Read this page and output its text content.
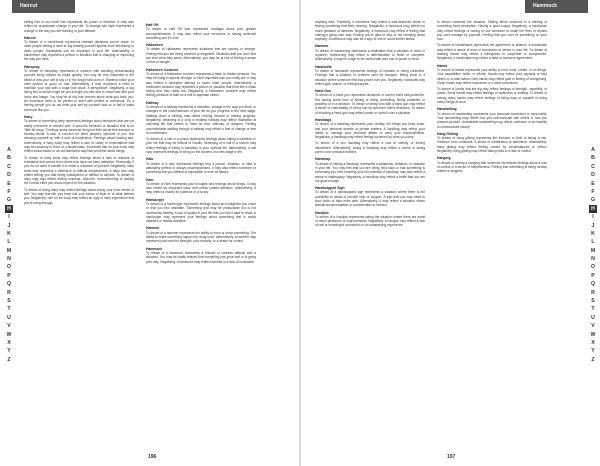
Haircut

selling hair or too much hair represents his power or freedom. It may also reflect an undesirable change in your life. To change hair style represents a change in the way you are thinking or your attitude.

Haircut

To dream of a hairdresser represents hesitant decisions you've made, or other people feeling a need to say making yourself appear more interesting to other people. Hairstylists can be important in your life. Alternatively, a hairdresser may represent a person or situation that is changing or improving the way you think.

Hairspray

To dream of hairspray represents a concern with avoiding embarrassing yourself being noticed as bright quickly. You may be very interested in the detail of how your self is shy or in the tough hard worn in. Hairless notice your valid opinion or good on hair. Alternatively, it may represent a need to maintain your ego with a tough hair issue. A perspective. Negatively, a tug being into to dream might be you thought you see who is concerned with your looks and image. You may be at risk hair worried about what you think you. An excessive need to be perfect or seen with perfect or conscious. It's a feeling people you do not think your self by yourself look so or fail to make someone like you.

Hairy

To dream of something hairy represents feelings about behaviors that are not easily overcome or worked with. A person's behavior or situation that is on "little bit crazy." Feelings about someone living out their whole free freedom or excess denial. A lack of concern for other people's opinions of you. Not cleaning yourself up with a lack of moderation. Feelings about looking bad. Alternatively, a hairy body may reflect a lack of vanity or expectations that may be unsavory to them or a stupid basis. Excessive hair on your body may reflect social issues or an old-fashioned way that you think about things.

To dream of hairy arms may reflect feelings about a lack of restraint or resistance that comes from others that have not been attractive. Personally, if you do not want to handle it or make a nuisance of yourself. Negatively, hairy arms may represent a defensive or difficult temperament. A hairy arm may reflect feeling you that being indisciplined or difficult to tolerate. To dream of hairy legs may reflect feeling unkempt, wild-free, nonconforming or lacking the normal effort you would expect for the situation.

To dream of being hairy may reflect feelings about losing your inner sense of self. You may feel like you have lost your sense of style or of what defines you. Negatively, hair on the body may reflect an ugly or hairy experience that you're living through.

Half Off

To dream of Half Off sale represents nostalgia about your greater accomplishments. It may also reflect your memories of having achieved something and it's over.

Halloween

To dream of Halloween represents situations that are spooky or strange. Feeling that you are being watched or disguised. Situations that you don't find are ever what they seem. Alternatively, you may be at risk of feeling a sense of fear or danger.

Halloween Costume

To dream of a Halloween costume represents a false or hidden persona. You may be trying to appear stronger or more important than you really are. It may also reflect a deceptive attempt to scare other people. Alternatively, a Halloween costume may represent a person or situation that feels like a mask hiding who they really are. Negatively, a Halloween costume may reflect feeling pressure to take on a role to appease others.

Hallway

To dream of a hallway represents a transition, change in the way you think, or changes in the circumstances of your life as you progress to the next stage. Walking down a hallway may reflect moving forward or making progress. Negatively, dreaming of a long or endless hallway may reflect frustration at unending life that seems to have no end, difficulty, or dangers. Feeling uncomfortable walking through a hallway may reflect a fear of change or fear of commitment.

To dream of a hall in a school represents feelings about taking a transition in your life that may be difficult to handle. Dreaming of a hall in a church may reflect feelings of being in transition in your spiritual life. Alternatively, a hall may represent feelings of being on the borders of a new stage in life.

Halo

To dream of a halo represents feelings that a person, situation, or idea is absolutely perfect or always uncompromised. It may also reflect someone or something that you believe is impossible to ever be flawed.

Ham

To dream of ham represents your thoughts and feelings about things. It may also reflect an important issue that needs careful attention. Alternatively, it may reflect a reward for patience or a luxury.

Hamburger

To dream of a hamburger represents feelings about an indulgence you crave or that you find desirable. Something that may be pleasurable but is not necessarily healthy. A lack of quality in your life that you find it hard to resist. A hamburger may represent your feelings about something that is easily obtained or readily available.

Hammer

To dream of a hammer represents the ability to force or solve something. The ability to make something happen by using force. Alternatively, a hammer may represent your need for strength, your tenacity, or a desire for control.

Hammock

To dream of a hammock represents a relaxed or carefree attitude with a situation. You may be totally relaxed that everything has gone well or is going your way. Negatively, a hammock may reflect laziness or a lack of motivation.

A
B
C
D
E
F
G
H
I
J
K
L
M
N
O
P
Q
R
S
T
U
V
W
X
Y
Z
196
Hammock

anything else. Positively, a hammock may reflect a well-deserved break or finding something that feels relaxing. Negatively, a hammock may reflect too much pleasure or idleness. Negatively, a hammock may reflect a feeling that nothing's going your way. Feeling you're glad to stop or not worrying about anything. A hammock may also be a sign to rest or avoid further stress.

Hammer

To dream of hammering represents a realization that a situation is fixed or repaired. Hammering may reflect a determination to finish or complete. Alternatively, it may be a sign to be careful with your use of power or force.

Handcuffs

To dream of handcuffs represents feelings of restraint or being controlled. Feelings that a situation or problem can't be escaped. Being stuck in a situation where someone else has power over you. Negatively, handcuffs may reflect guilt, shame, or feeling trapped.

Hand Gun

To dream of a hand gun represents decisions or control that's self-protective. Not having some kind of aiming or being controlling. Being protected or powerful or in a decision. To dream of being shot with a hand gun may reflect a sense of vulnerability or being hurt by someone else's decisions. To dream of shooting a hand gun may reflect power or control over a situation.

Handbags

To dream of a handbag represents your identity, the things you keep close, and your personal secrets or private matters. A handbag may reflect your ability to manage your personal affairs or carry your responsibilities. Negatively, a handbag may reflect feeling burdened by what you carry.

To dream of a lost handbag may reflect a loss of identity or feeling disoriented. Alternatively, losing a handbag may reflect a sense of losing control over personal matters.

Handicap

To dream of having a handicap represents a weakness, limitation, or obstacle in your life. You may feel that you are being held back or that something is preventing you from reaching your full potential. A handicap may also reflect a sense of inadequacy. Negatively, a handicap may reflect a belief that you are not good enough.

Handicapped Sign

To dream of a handicapped sign represents a situation where there is the possibility to assist or provide help or support. A sign that you may need to slow down or take extra care. Alternatively, it may reflect a situation where special accommodation or consideration is needed.

Handjob

To dream of a handjob represents taking the situation where there are small or minor pleasures or improvements. Negatively, a handjob may reflect a lack of real or meaningful connection or an unsatisfying experience.

to dream someone the situation. Talking about someone in a fainting or something fixed perception. Having a good happy. Negatively, a handyman may reflect feelings of having to use someone to make the fixes or repairs you can't manage by yourself. Feeling that you can't fix something on your own.

To dream of handshakes represents the agreement or alliance. A handshake may reflect a sense of trust or connection to others in your life. To dream of shaking hands may reflect a willingness to cooperate or compromise. Negatively, a handshake may reflect a false or insincere agreement.

Hands

To dream of hands represents your ability to hold, build, create, or do things. Your capabilities, skills, or efforts. Hands may reflect your capacity to help others or to take action. Dirty hands may reflect guilt or feeling of wrongdoing. Clean hands may reflect innocence or a clear conscience.

To dream of hands that are big may reflect feelings of strength, capability, or power. Small hands may reflect feelings of weakness or inability. To dream of having many hands may reflect feelings of being busy or capable of doing many things at once.

Handwriting

To dream of handwriting represents your personal expression or personality. Your handwriting may reflect how you communicate with others or how you present yourself. Unreadable handwriting may reflect confusion or an inability to communicate clearly.

Hang Gliding

To dream of hang gliding represents the freedom or thrill of taking a risk. Freedom from constraint. A sense of exhilaration or adventure. Alternatively, hang gliding may reflect feeling carried by circumstances or others. Negatively, hang gliding may reflect taking risks or a lack of control.

Hanging

To dream of seeing a hanging with someone represents feelings about a loss of control or a sense of helplessness. Feeling that something is being forcibly ended or stopped.

A
B
C
D
E
F
G
H
I
J
K
L
M
N
O
P
Q
R
S
T
U
V
W
X
Y
Z
197
